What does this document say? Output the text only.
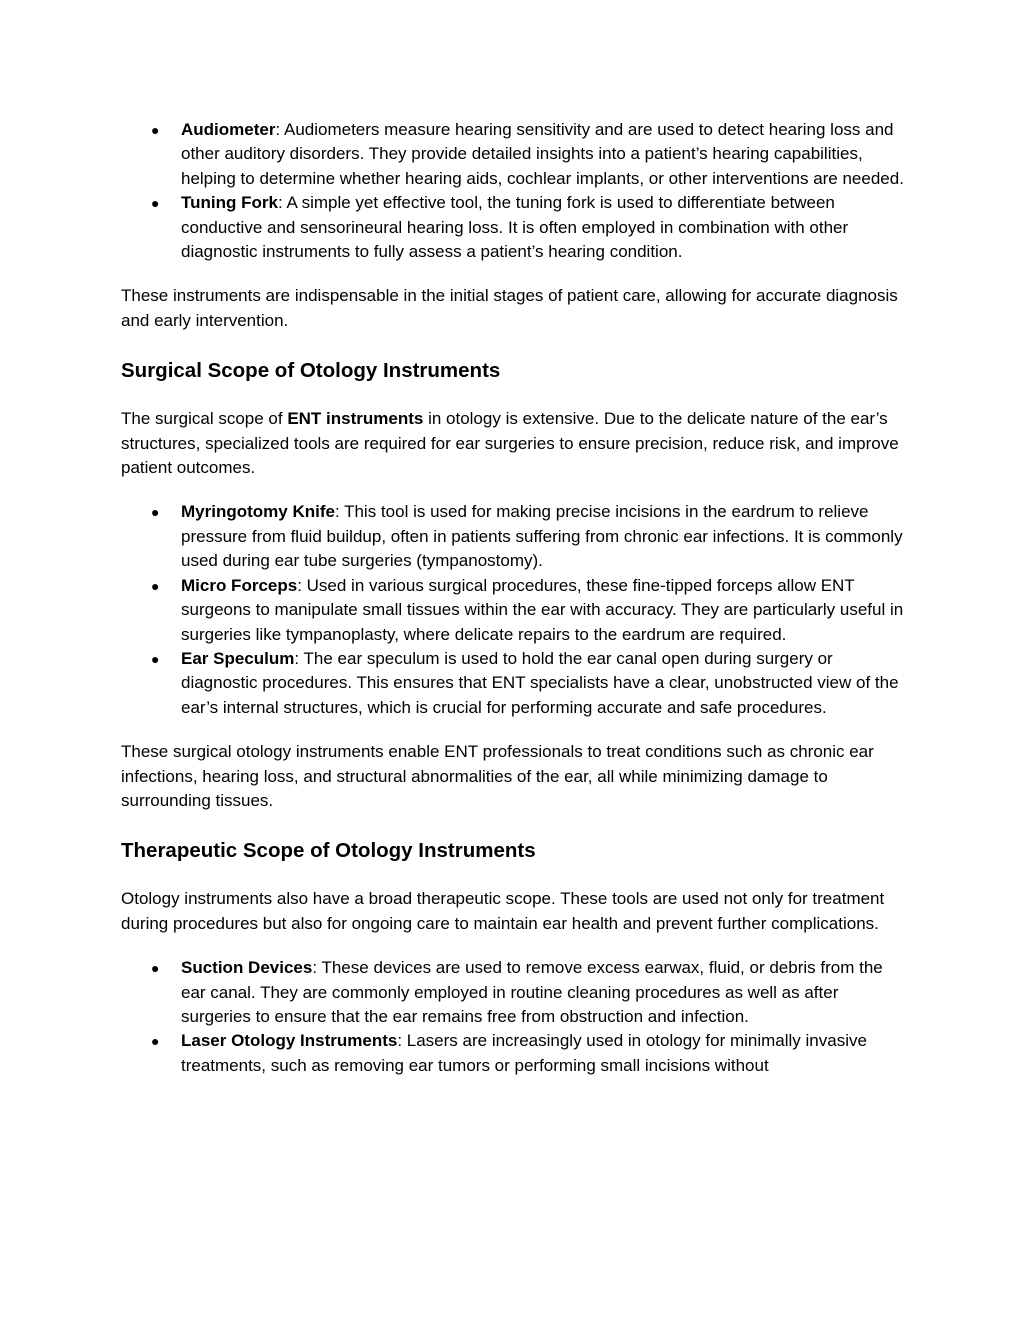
●
Audiometer: Audiometers measure hearing sensitivity and are used to detect hearing loss and other auditory disorders. They provide detailed insights into a patient’s hearing capabilities, helping to determine whether hearing aids, cochlear implants, or other interventions are needed.
●
Tuning Fork: A simple yet effective tool, the tuning fork is used to differentiate between conductive and sensorineural hearing loss. It is often employed in combination with other diagnostic instruments to fully assess a patient’s hearing condition.

These instruments are indispensable in the initial stages of patient care, allowing for accurate diagnosis and early intervention.

Surgical Scope of Otology Instruments

The surgical scope of ENT instruments in otology is extensive. Due to the delicate nature of the ear’s structures, specialized tools are required for ear surgeries to ensure precision, reduce risk, and improve patient outcomes.

●
Myringotomy Knife: This tool is used for making precise incisions in the eardrum to relieve pressure from fluid buildup, often in patients suffering from chronic ear infections. It is commonly used during ear tube surgeries (tympanostomy).
●
Micro Forceps: Used in various surgical procedures, these fine-tipped forceps allow ENT surgeons to manipulate small tissues within the ear with accuracy. They are particularly useful in surgeries like tympanoplasty, where delicate repairs to the eardrum are required.
●
Ear Speculum: The ear speculum is used to hold the ear canal open during surgery or diagnostic procedures. This ensures that ENT specialists have a clear, unobstructed view of the ear’s internal structures, which is crucial for performing accurate and safe procedures.

These surgical otology instruments enable ENT professionals to treat conditions such as chronic ear infections, hearing loss, and structural abnormalities of the ear, all while minimizing damage to surrounding tissues.

Therapeutic Scope of Otology Instruments

Otology instruments also have a broad therapeutic scope. These tools are used not only for treatment during procedures but also for ongoing care to maintain ear health and prevent further complications.

●
Suction Devices: These devices are used to remove excess earwax, fluid, or debris from the ear canal. They are commonly employed in routine cleaning procedures as well as after surgeries to ensure that the ear remains free from obstruction and infection.
●
Laser Otology Instruments: Lasers are increasingly used in otology for minimally invasive treatments, such as removing ear tumors or performing small incisions without
